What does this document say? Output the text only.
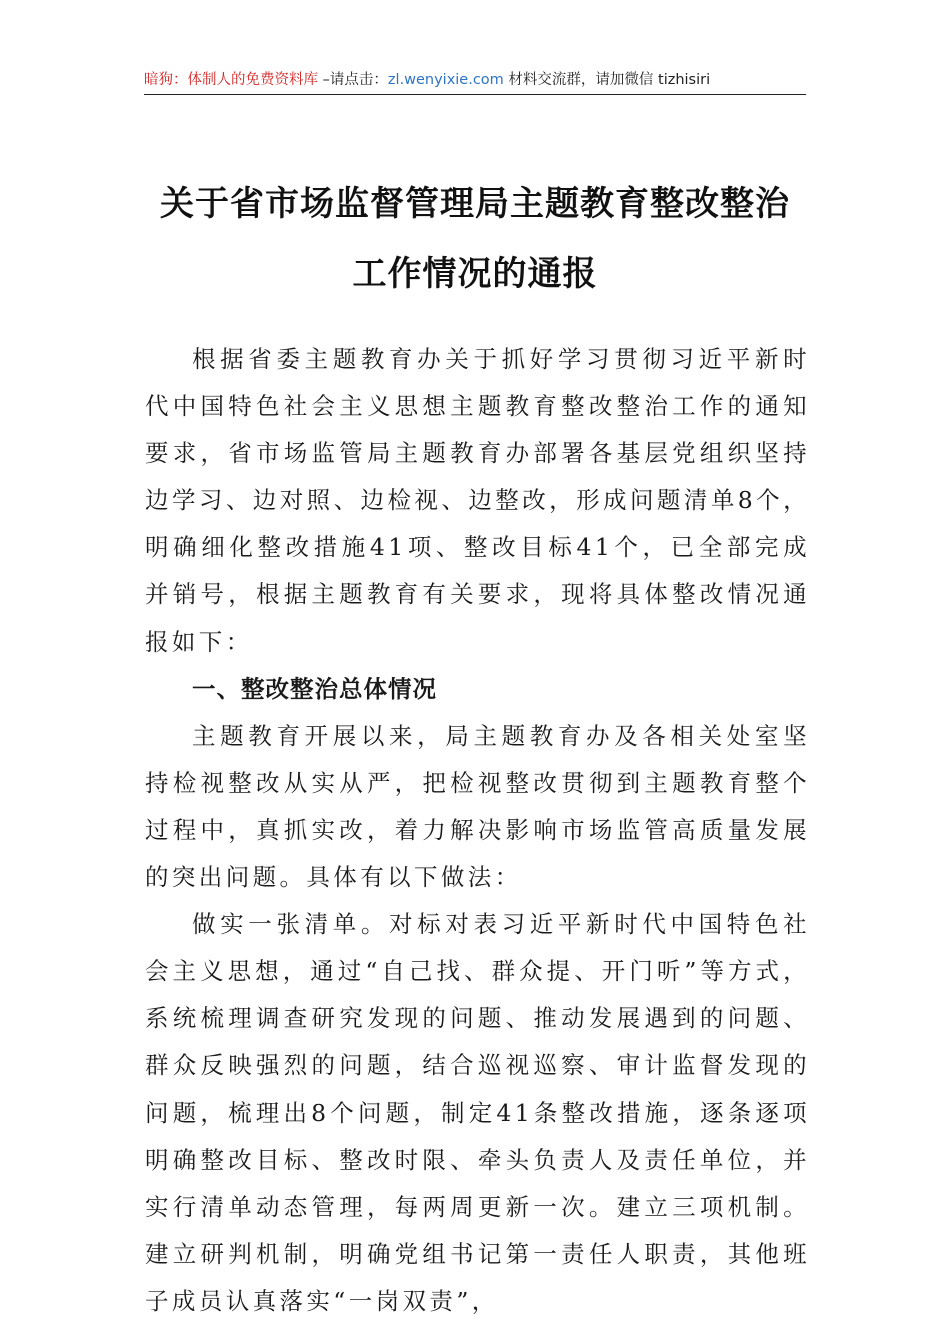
暗狗：体制人的免费资料库 –请点击：zl.wenyixie.com 材料交流群，请加微信 tizhisiri
关于省市场监督管理局主题教育整改整治
工作情况的通报

根据省委主题教育办关于抓好学习贯彻习近平新时代中国特色社会主义思想主题教育整改整治工作的通知要求，省市场监管局主题教育办部署各基层党组织坚持边学习、边对照、边检视、边整改，形成问题清单8个，明确细化整改措施41项、整改目标41个，已全部完成并销号，根据主题教育有关要求，现将具体整改情况通报如下：

一、整改整治总体情况

主题教育开展以来，局主题教育办及各相关处室坚持检视整改从实从严，把检视整改贯彻到主题教育整个过程中，真抓实改，着力解决影响市场监管高质量发展的突出问题。具体有以下做法：

做实一张清单。对标对表习近平新时代中国特色社会主义思想，通过“自己找、群众提、开门听”等方式，系统梳理调查研究发现的问题、推动发展遇到的问题、群众反映强烈的问题，结合巡视巡察、审计监督发现的问题，梳理出8个问题，制定41条整改措施，逐条逐项明确整改目标、整改时限、牵头负责人及责任单位，并实行清单动态管理，每两周更新一次。建立三项机制。建立研判机制，明确党组书记第一责任人职责，其他班子成员认真落实“一岗双责”，
